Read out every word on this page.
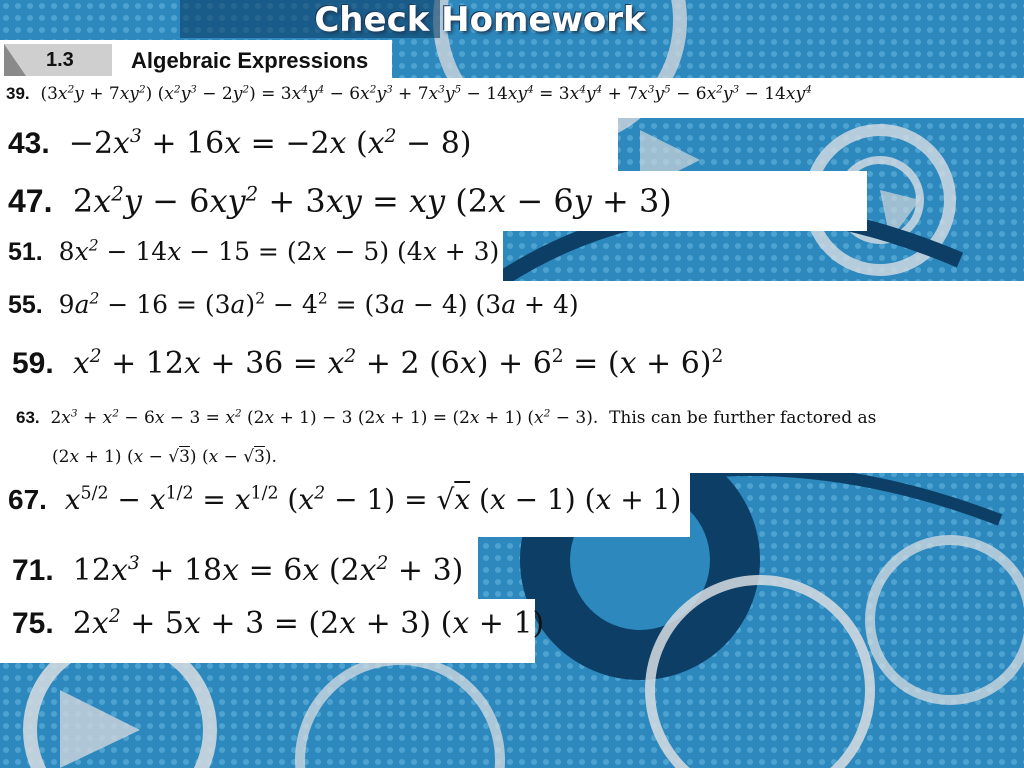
Check Homework
1.3	Algebraic Expressions
39.  $(3x^2y + 7xy^2) (x^2y^3 - 2y^2) = 3x^4y^4 - 6x^2y^3 + 7x^3y^5 - 14xy^4 = 3x^4y^4 + 7x^3y^5 - 6x^2y^3 - 14xy^4$
43.  $-2x^3 + 16x = -2x$ $(x^2 - 8)$
47.  $2x^2y - 6xy^2 + 3xy$ = xy (2x − 6y + 3)
51.  $8x^2 - 14x - 15 = (2x - 5) (4x + 3)$
55.  $9a^2 - 16 = (3a)^2 - 4^2 = (3a - 4) (3a + 4)$
59. $x^2 + 12x + 36 = x^2 + 2$ $(6x) + 6^2 = (x + 6)^2$
63.  $2x^3 + x^2 - 6x - 3 = x^2$ (2x + 1) − 3 (2x + 1) = (2x + 1) $(x^2 - 3)$.  This can be further factored as
(2x + 1) (x − √3) (x − √3).
67. $x^{5/2} - x^{1/2} = x^{1/2}$ $(x^2 - 1) = √x$ (x − 1) (x + 1)
71.  $12x^3 + 18x = 6x$ $(2x^2 + 3)$
75.  $2x^2 + 5x + 3 = (2x + 3) (x + 1)$
